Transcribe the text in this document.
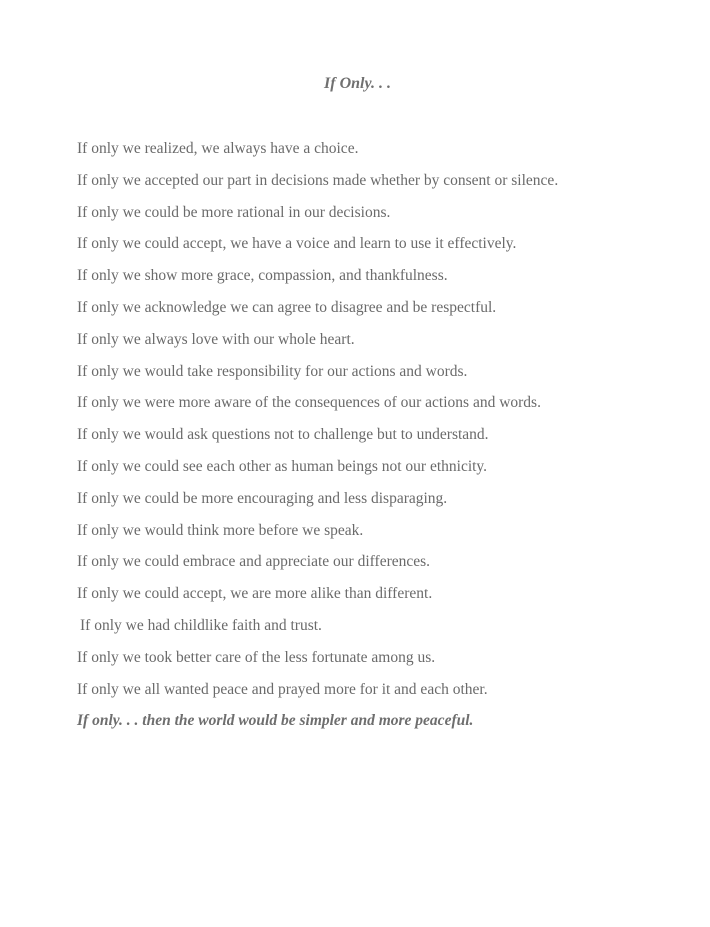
If Only. . .
If only we realized, we always have a choice.
If only we accepted our part in decisions made whether by consent or silence.
If only we could be more rational in our decisions.
If only we could accept, we have a voice and learn to use it effectively.
If only we show more grace, compassion, and thankfulness.
If only we acknowledge we can agree to disagree and be respectful.
If only we always love with our whole heart.
If only we would take responsibility for our actions and words.
If only we were more aware of the consequences of our actions and words.
If only we would ask questions not to challenge but to understand.
If only we could see each other as human beings not our ethnicity.
If only we could be more encouraging and less disparaging.
If only we would think more before we speak.
If only we could embrace and appreciate our differences.
If only we could accept, we are more alike than different.
If only we had childlike faith and trust.
If only we took better care of the less fortunate among us.
If only we all wanted peace and prayed more for it and each other.
If only. . . then the world would be simpler and more peaceful.
